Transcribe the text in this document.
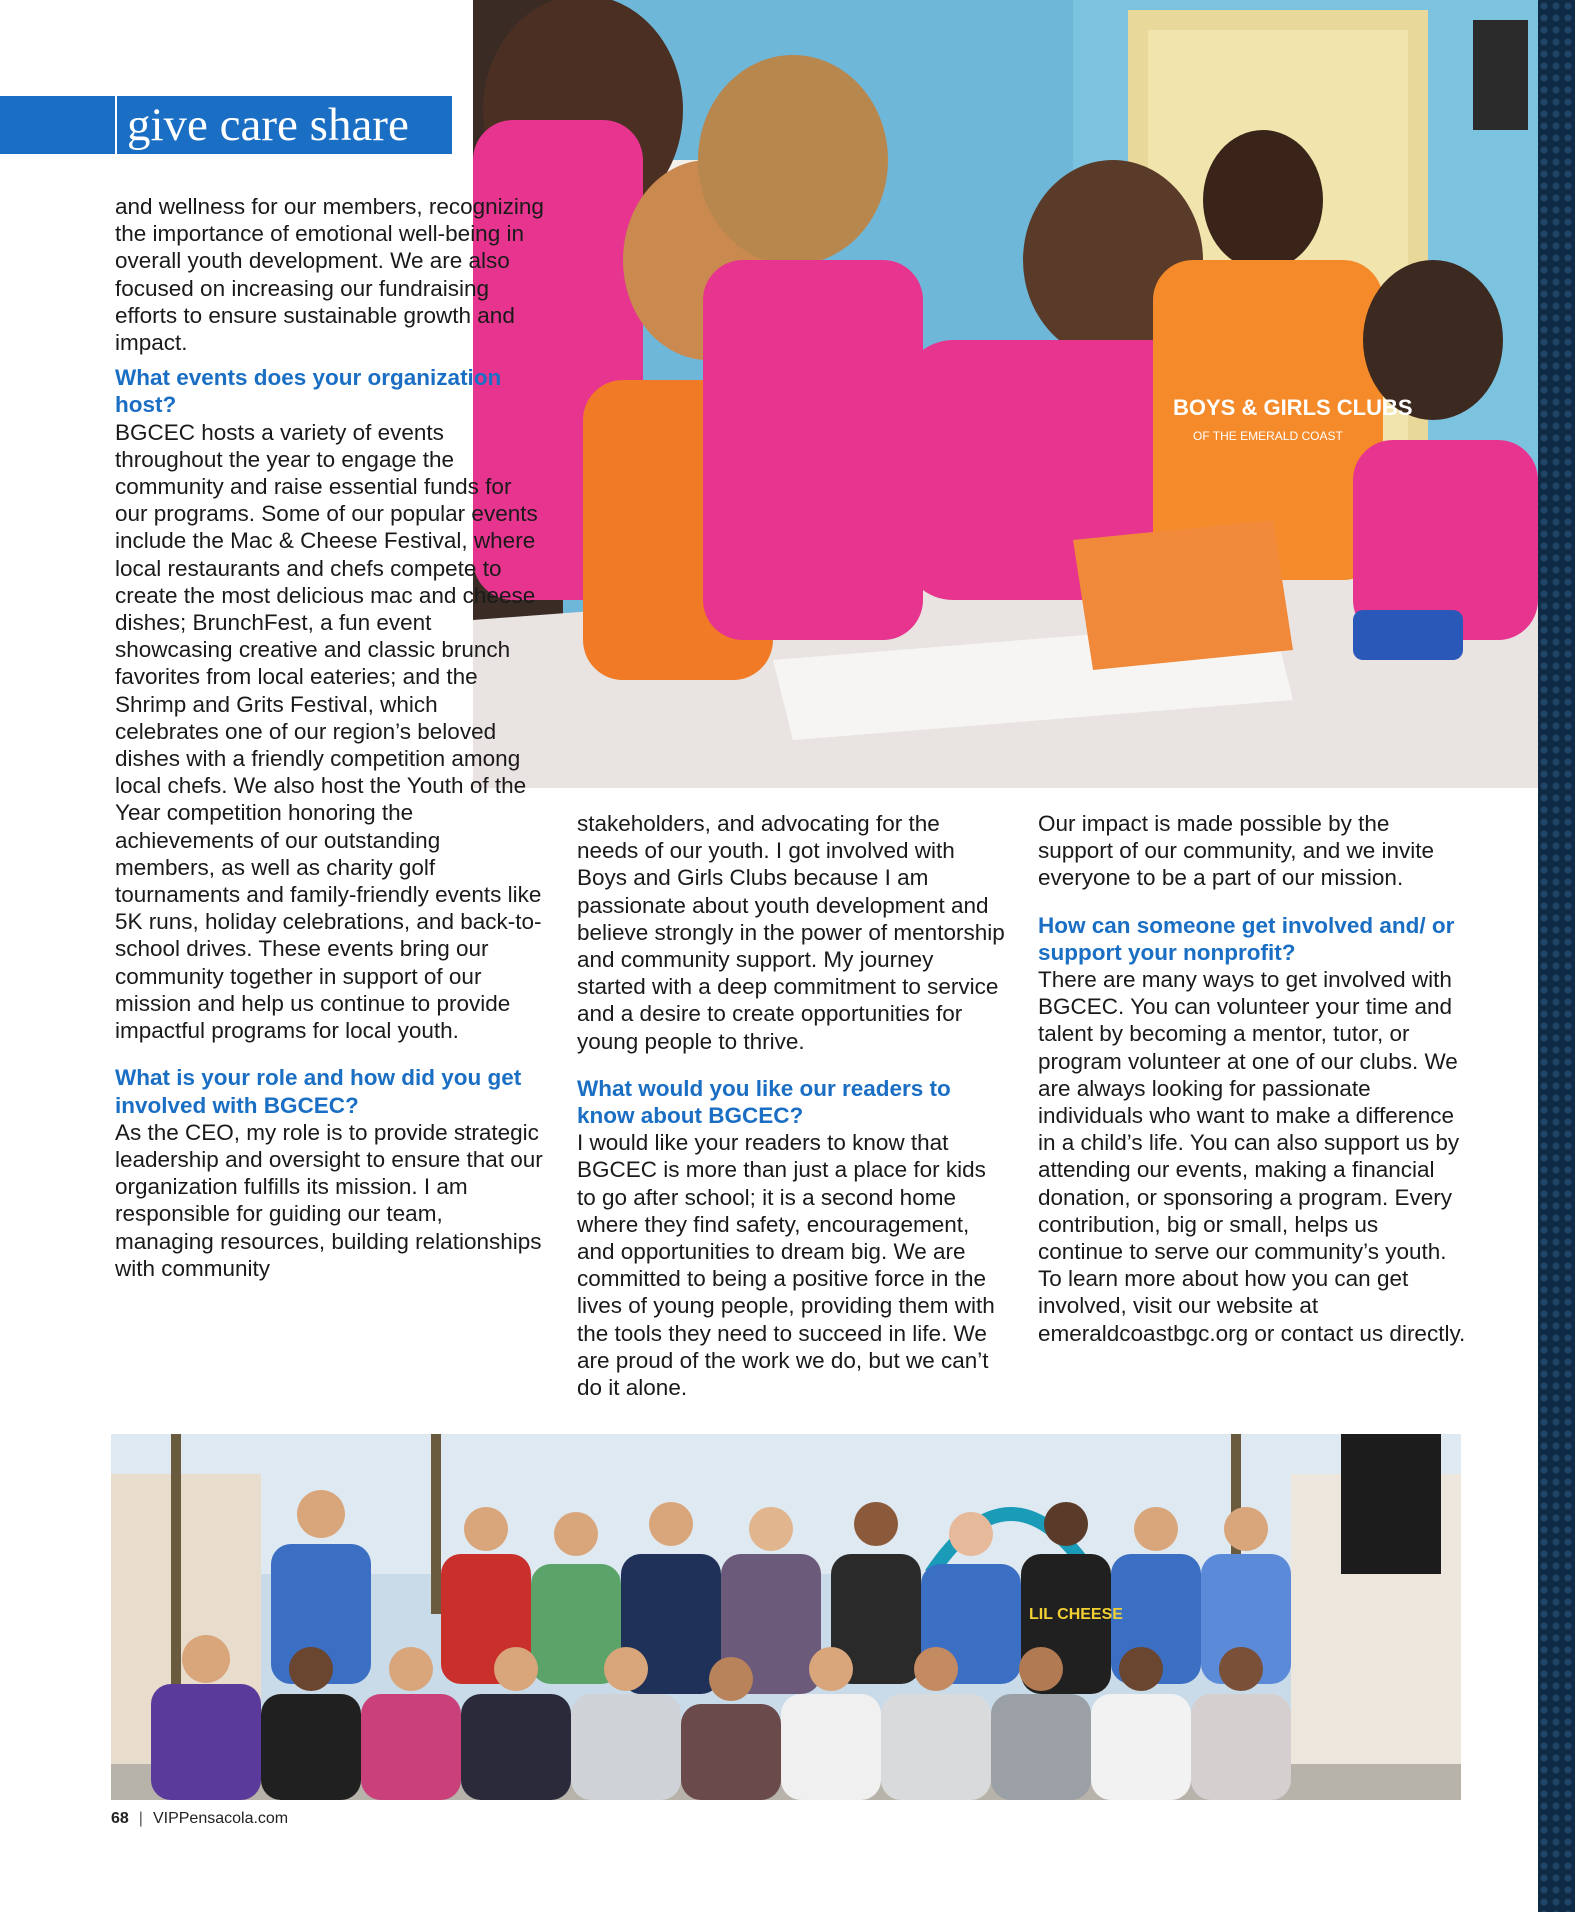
give care share
BOYS & GIRLS CLUBS
OF THE EMERALD COAST

and wellness for our members, recognizing the importance of emotional well-being in overall youth development. We are also focused on increasing our fundraising efforts to ensure sustainable growth and impact.

What events does your organization host?

BGCEC hosts a variety of events throughout the year to engage the community and raise essential funds for our programs. Some of our popular events include the Mac & Cheese Festival, where local restaurants and chefs compete to create the most delicious mac and cheese dishes; BrunchFest, a fun event showcasing creative and classic brunch favorites from local eateries; and the Shrimp and Grits Festival, which celebrates one of our region’s beloved dishes with a friendly competition among local chefs. We also host the Youth of the Year competition honoring the achievements of our outstanding members, as well as charity golf tournaments and family-friendly events like 5K runs, holiday celebrations, and back-to-school drives. These events bring our community together in support of our mission and help us continue to provide impactful programs for local youth.

What is your role and how did you get involved with BGCEC?

As the CEO, my role is to provide strategic leadership and oversight to ensure that our organization fulfills its mission. I am responsible for guiding our team, managing resources, building relationships with community

stakeholders, and advocating for the needs of our youth. I got involved with Boys and Girls Clubs because I am passionate about youth development and believe strongly in the power of mentorship and community support. My journey started with a deep commitment to service and a desire to create opportunities for young people to thrive.

What would you like our readers to know about BGCEC?

I would like your readers to know that BGCEC is more than just a place for kids to go after school; it is a second home where they find safety, encouragement, and opportunities to dream big. We are committed to being a positive force in the lives of young people, providing them with the tools they need to succeed in life. We are proud of the work we do, but we can’t do it alone.

Our impact is made possible by the support of our community, and we invite everyone to be a part of our mission.

How can someone get involved and/ or support your nonprofit?

There are many ways to get involved with BGCEC. You can volunteer your time and talent by becoming a mentor, tutor, or program volunteer at one of our clubs. We are always looking for passionate individuals who want to make a difference in a child’s life. You can also support us by attending our events, making a financial donation, or sponsoring a program. Every contribution, big or small, helps us continue to serve our community’s youth. To learn more about how you can get involved, visit our website at emeraldcoastbgc.org or contact us directly.

LIL CHEESE
68 | VIPPensacola.com
